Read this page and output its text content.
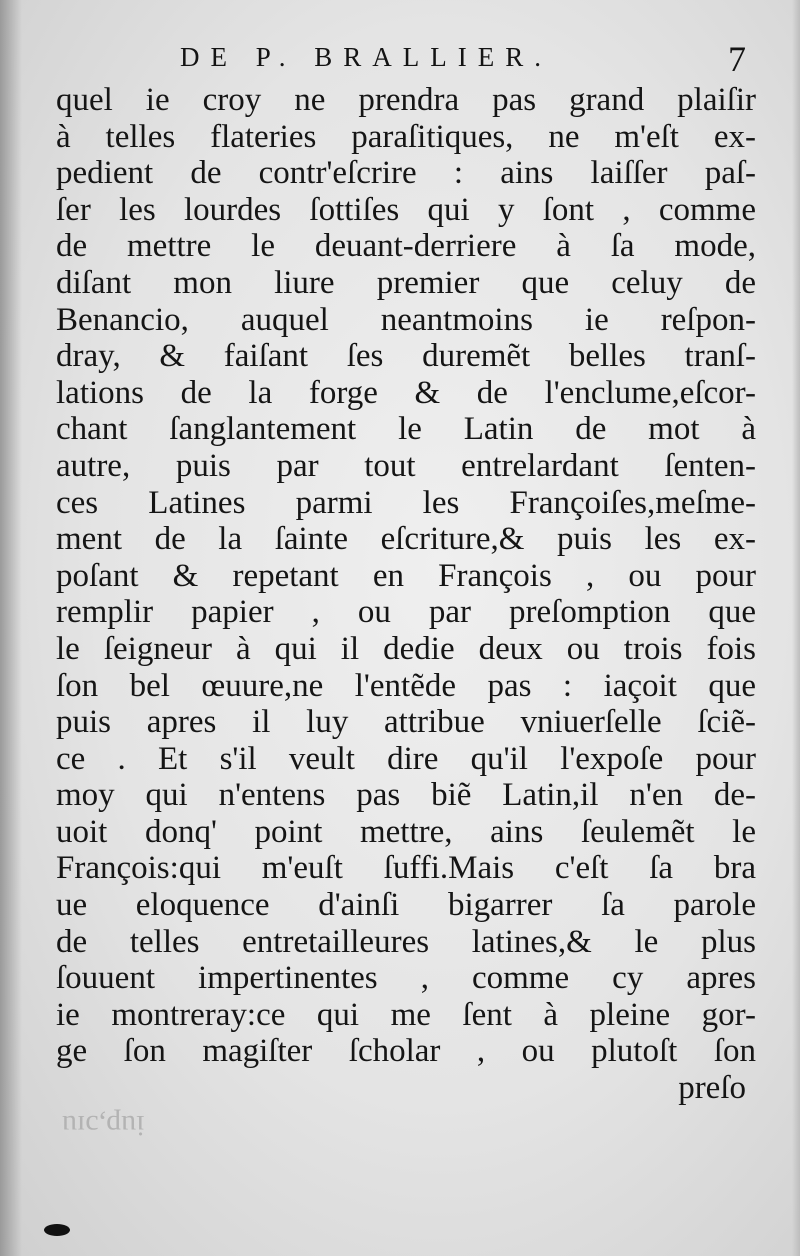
DE P. BRALLIER.	7
quel ie croy ne prendra pas grand plaiſir
à telles flateries paraſitiques, ne m'eſt ex-
pedient de contr'eſcrire : ains laiſſer paſ-
ſer les lourdes ſottiſes qui y ſont , comme
de mettre le deuant-derriere à ſa mode,
diſant mon liure premier que celuy de
Benancio, auquel neantmoins ie reſpon-
dray, & faiſant ſes duremẽt belles tranſ-
lations de la forge & de l'enclume,eſcor-
chant ſanglantement le Latin de mot à
autre, puis par tout entrelardant ſenten-
ces Latines parmi les Françoiſes,meſme-
ment de la ſainte eſcriture,& puis les ex-
poſant & repetant en François , ou pour
remplir papier , ou par preſomption que
le ſeigneur à qui il dedie deux ou trois fois
ſon bel œuure,ne l'entẽde pas : iaçoit que
puis apres il luy attribue vniuerſelle ſciẽ-
ce . Et s'il veult dire qu'il l'expoſe pour
moy qui n'entens pas biẽ Latin,il n'en de-
uoit donq' point mettre, ains ſeulemẽt le
François:qui m'euſt ſuffi.Mais c'eſt ſa bra
ue eloquence d'ainſi bigarrer ſa parole
de telles entretailleures latines,& le plus
ſouuent impertinentes , comme cy apres
ie montreray:ce qui me ſent à pleine gor-
ge ſon magiſter ſcholar , ou plutoſt ſon
preſo
iup,ɔɪu
